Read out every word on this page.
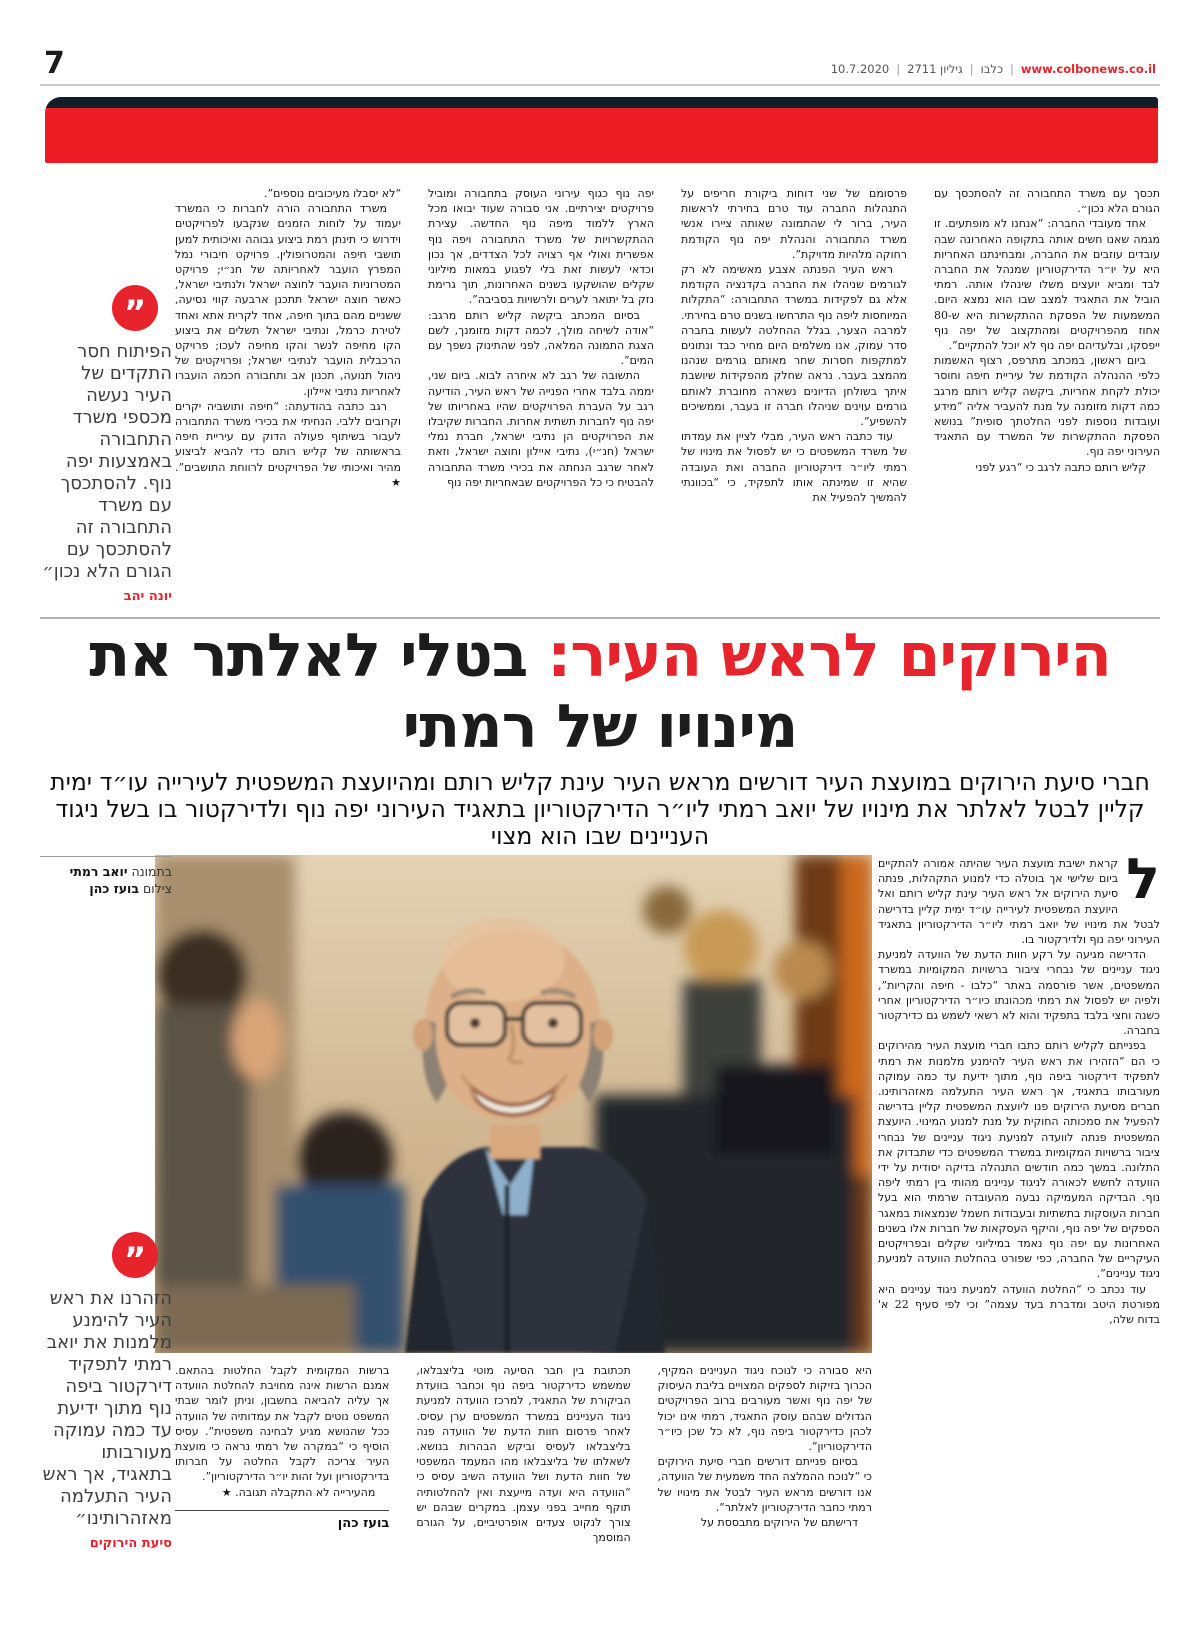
7	www.colbonews.co.il
|
כלבו
|
גיליון 2711
|
10.7.2020

תכסך עם משרד התחבורה זה להסתכסך עם הגורם הלא נכון״.

אחד מעובדי החברה: “אנחנו לא מופתעים. זו מגמה שאנו חשים אותה בתקופה האחרונה שבה עובדים עוזבים את החברה, ומבחינתנו האחריות היא על יו״ר הדירקטוריון שמנהל את החברה לבד ומביא יועצים משלו שינהלו אותה. רמתי הוביל את התאגיד למצב שבו הוא נמצא היום. המשמעות של הפסקת ההתקשרות היא ש-80 אחוז מהפרויקטים ומהתקצוב של יפה נוף ייפסקו, ובלעדיהם יפה נוף לא יוכל להתקיים”.

ביום ראשון, במכתב מתרפס, רצוף האשמות כלפי ההנהלה הקודמת של עיריית חיפה וחוסר יכולת לקחת אחריות, ביקשה קליש רותם מרגב כמה דקות מזומנה על מנת להעביר אליה “מידע ועובדות נוספות לפני החלטתך סופית” בנושא הפסקת ההתקשרות של המשרד עם התאגיד העירוני יפה נוף.

קליש רותם כתבה לרגב כי “רגע לפני

פרסומם של שני דוחות ביקורת חריפים על התנהלות החברה עוד טרם בחירתי לראשות העיר, ברור לי שהתמונה שאותה ציירו אנשי משרד התחבורה והנהלת יפה נוף הקודמת רחוקה מלהיות מדויקת”.

ראש העיר הפנתה אצבע מאשימה לא רק לגורמים שניהלו את החברה בקדנציה הקודמת אלא גם לפקידות במשרד התחבורה: “התקלות המיוחסות ליפה נוף התרחשו בשנים טרם בחירתי. למרבה הצער, בגלל ההחלטה לעשות בחברה סדר עמוק, אנו משלמים היום מחיר כבד ונתונים למתקפות חסרות שחר מאותם גורמים שנהנו מהמצב בעבר. נראה שחלק מהפקידות שיושבת איתך בשולחן הדיונים נשארה מחוברת לאותם גורמים עוינים שניהלו חברה זו בעבר, וממשיכים להשפיע”.

עוד כתבה ראש העיר, מבלי לציין את עמדתו של משרד המשפטים כי יש לפסול את מינויו של רמתי ליו״ר דירקטוריון החברה ואת העובדה שהיא זו שמינתה אותו לתפקיד, כי “בכוונתי להמשיך להפעיל את

יפה נוף כגוף עירוני העוסק בתחבורה ומוביל פרויקטים יצירתיים. אני סבורה שעוד יבואו מכל הארץ ללמוד מיפה נוף החדשה. עצירת ההתקשרויות של משרד התחבורה ויפה נוף אפשרית ואולי אף רצויה לכל הצדדים, אך נכון וכדאי לעשות זאת בלי לפגוע במאות מיליוני שקלים שהושקעו בשנים האחרונות, תוך גרימת נזק בל יתואר לערים ולרשויות בסביבה”.

בסיום המכתב ביקשה קליש רותם מרגב: “אודה לשיחה מולך, לכמה דקות מזומנך, לשם הצגת התמונה המלאה, לפני שהתינוק נשפך עם המים”.

התשובה של רגב לא איחרה לבוא. ביום שני, יממה בלבד אחרי הפנייה של ראש העיר, הודיעה רגב על העברת הפרויקטים שהיו באחריותו של יפה נוף לחברות תשתית אחרות. החברות שקיבלו את הפרויקטים הן נתיבי ישראל, חברת נמלי ישראל (חנ״י), נתיבי איילון וחוצה ישראל, וזאת לאחר שרגב הנחתה את בכירי משרד התחבורה להבטיח כי כל הפרויקטים שבאחריות יפה נוף

“לא יסבלו מעיכובים נוספים”.

משרד התחבורה הורה לחברות כי המשרד יעמוד על לוחות הזמנים שנקבעו לפרויקטים וידרוש כי תינתן רמת ביצוע גבוהה ואיכותית למען תושבי חיפה והמטרופולין. פרויקט חיבורי נמל המפרץ הועבר לאחריותה של חנ״י; פרויקט המטרוניות הועבר לחוצה ישראל ולנתיבי ישראל, כאשר חוצה ישראל תתכנן ארבעה קווי נסיעה, ששניים מהם בתוך חיפה, אחד לקרית אתא ואחד לטירת כרמל, ונתיבי ישראל תשלים את ביצוע הקו מחיפה לנשר והקו מחיפה לעכו; פרויקט הרכבלית הועבר לנתיבי ישראל; ופרויקטים של ניהול תנועה, תכנון אב ותחבורה חכמה הועברו לאחריות נתיבי איילון.

רגב כתבה בהודעתה: “חיפה ותושביה יקרים וקרובים ללבי. הנחיתי את בכירי משרד התחבורה לעבור בשיתוף פעולה הדוק עם עיריית חיפה בראשותה של קליש רותם כדי להביא לביצוע מהיר ואיכותי של הפרויקטים לרווחת התושבים”. ★

”
הפיתוח חסר התקדים של העיר נעשה מכספי משרד התחבורה באמצעות יפה נוף. להסתכסך עם משרד התחבורה זה להסתכסך עם הגורם הלא נכון״
יונה יהב
הירוקים לראש העיר: בטלי לאלתר את
מינויו של רמתי
חברי סיעת הירוקים במועצת העיר דורשים מראש העיר עינת קליש רותם ומהיועצת המשפטית לעירייה עו״ד ימית קליין לבטל לאלתר את מינויו של יואב רמתי ליו״ר הדירקטוריון בתאגיד העירוני יפה נוף ולדירקטור בו בשל ניגוד העניינים שבו הוא מצוי
בתמונה יואב רמתי
צילום בועז כהן	ל
קראת ישיבת מועצת העיר שהיתה אמורה להתקיים ביום שלישי אך בוטלה כדי למנוע התקהלות, פנתה סיעת הירוקים אל ראש העיר עינת קליש רותם ואל היועצת המשפטית לעירייה עו״ד ימית קליין בדרישה לבטל את מינויו של יואב רמתי ליו״ר הדירקטוריון בתאגיד העירוני יפה נוף ולדירקטור בו.

הדרישה מגיעה על רקע חוות הדעת של הוועדה למניעת ניגוד עניינים של נבחרי ציבור ברשויות המקומיות במשרד המשפטים, אשר פורסמה באתר “כלבו - חיפה והקריות”, ולפיה יש לפסול את רמתי מכהונתו כיו״ר הדירקטוריון אחרי כשנה וחצי בלבד בתפקיד והוא לא רשאי לשמש גם כדירקטור בחברה.

בפנייתם לקליש רותם כתבו חברי מועצת העיר מהירוקים כי הם “הזהירו את ראש העיר להימנע מלמנות את רמתי לתפקיד דירקטור ביפה נוף, מתוך ידיעת עד כמה עמוקה מעורבותו בתאגיד, אך ראש העיר התעלמה מאזהרותינו. חברים מסיעת הירוקים פנו ליועצת המשפטית קליין בדרישה להפעיל את סמכותה החוקית על מנת למנוע המינוי. היועצת המשפטית פנתה לוועדה למניעת ניגוד עניינים של נבחרי ציבור ברשויות המקומיות במשרד המשפטים כדי שתבדוק את התלונה. במשך כמה חודשים התנהלה בדיקה יסודית על ידי הוועדה לחשש לכאורה לניגוד עניינים מהותי בין רמתי ליפה נוף. הבדיקה המעמיקה נבעה מהעובדה שרמתי הוא בעל חברות העוסקות בתשתיות ובעבודות חשמל שנמצאות במאגר הספקים של יפה נוף, והיקף העסקאות של חברות אלו בשנים האחרונות עם יפה נוף נאמד במיליוני שקלים ובפרויקטים העיקריים של החברה, כפי שפורט בהחלטת הוועדה למניעת ניגוד עניינים”.

עוד נכתב כי “החלטת הוועדה למניעת ניגוד עניינים היא מפורטת היטב ומדברת בעד עצמה” וכי לפי סעיף 22 א' בדוח שלה,

היא סבורה כי לנוכח ניגוד העניינים המקיף, הכרוך בזיקות לספקים המצויים בליבת העיסוק של יפה נוף ואשר מעורבים ברוב הפרויקטים הגדולים שבהם עוסק התאגיד, רמתי אינו יכול לכהן כדירקטור ביפה נוף, לא כל שכן כיו״ר הדירקטוריון”.

בסיום פנייתם דורשים חברי סיעת הירוקים כי “לנוכח ההמלצה החד משמעית של הוועדה, אנו דורשים מראש העיר לבטל את מינויו של רמתי כחבר הדירקטוריון לאלתר”.

דרישתם של הירוקים מתבססת על

תכתובת בין חבר הסיעה מוטי בליצבלאו, שמשמש כדירקטור ביפה נוף וכחבר בוועדת הביקורת של התאגיד, למרכז הוועדה למניעת ניגוד העניינים במשרד המשפטים ערן עסיס. לאחר פרסום חוות הדעת של הוועדה פנה בליצבלאו לעסיס וביקש הבהרות בנושא. לשאלתו של בליצבלאו מהו המעמד המשפטי של חוות הדעת ושל הוועדה השיב עסיס כי “הוועדה היא ועדה מייעצת ואין להחלטותיה תוקף מחייב בפני עצמן. במקרים שבהם יש צורך לנקוט צעדים אופרטיביים, על הגורם המוסמך

ברשות המקומית לקבל החלטות בהתאם. אמנם הרשות אינה מחויבת להחלטת הוועדה אך עליה להביאה בחשבון, וניתן לומר שבתי המשפט נוטים לקבל את עמדותיה של הוועדה ככל שהנושא מגיע לבחינה משפטית”. עסיס הוסיף כי “במקרה של רמתי נראה כי מועצת העיר צריכה לקבל החלטה על חברותו בדירקטוריון ועל זהות יו״ר הדירקטוריון”.

מהעירייה לא התקבלה תגובה. ★

בועז כהן
”
הזהרנו את ראש העיר להימנע מלמנות את יואב רמתי לתפקיד דירקטור ביפה נוף מתוך ידיעת עד כמה עמוקה מעורבותו בתאגיד, אך ראש העיר התעלמה מאזהרותינו״
סיעת הירוקים
